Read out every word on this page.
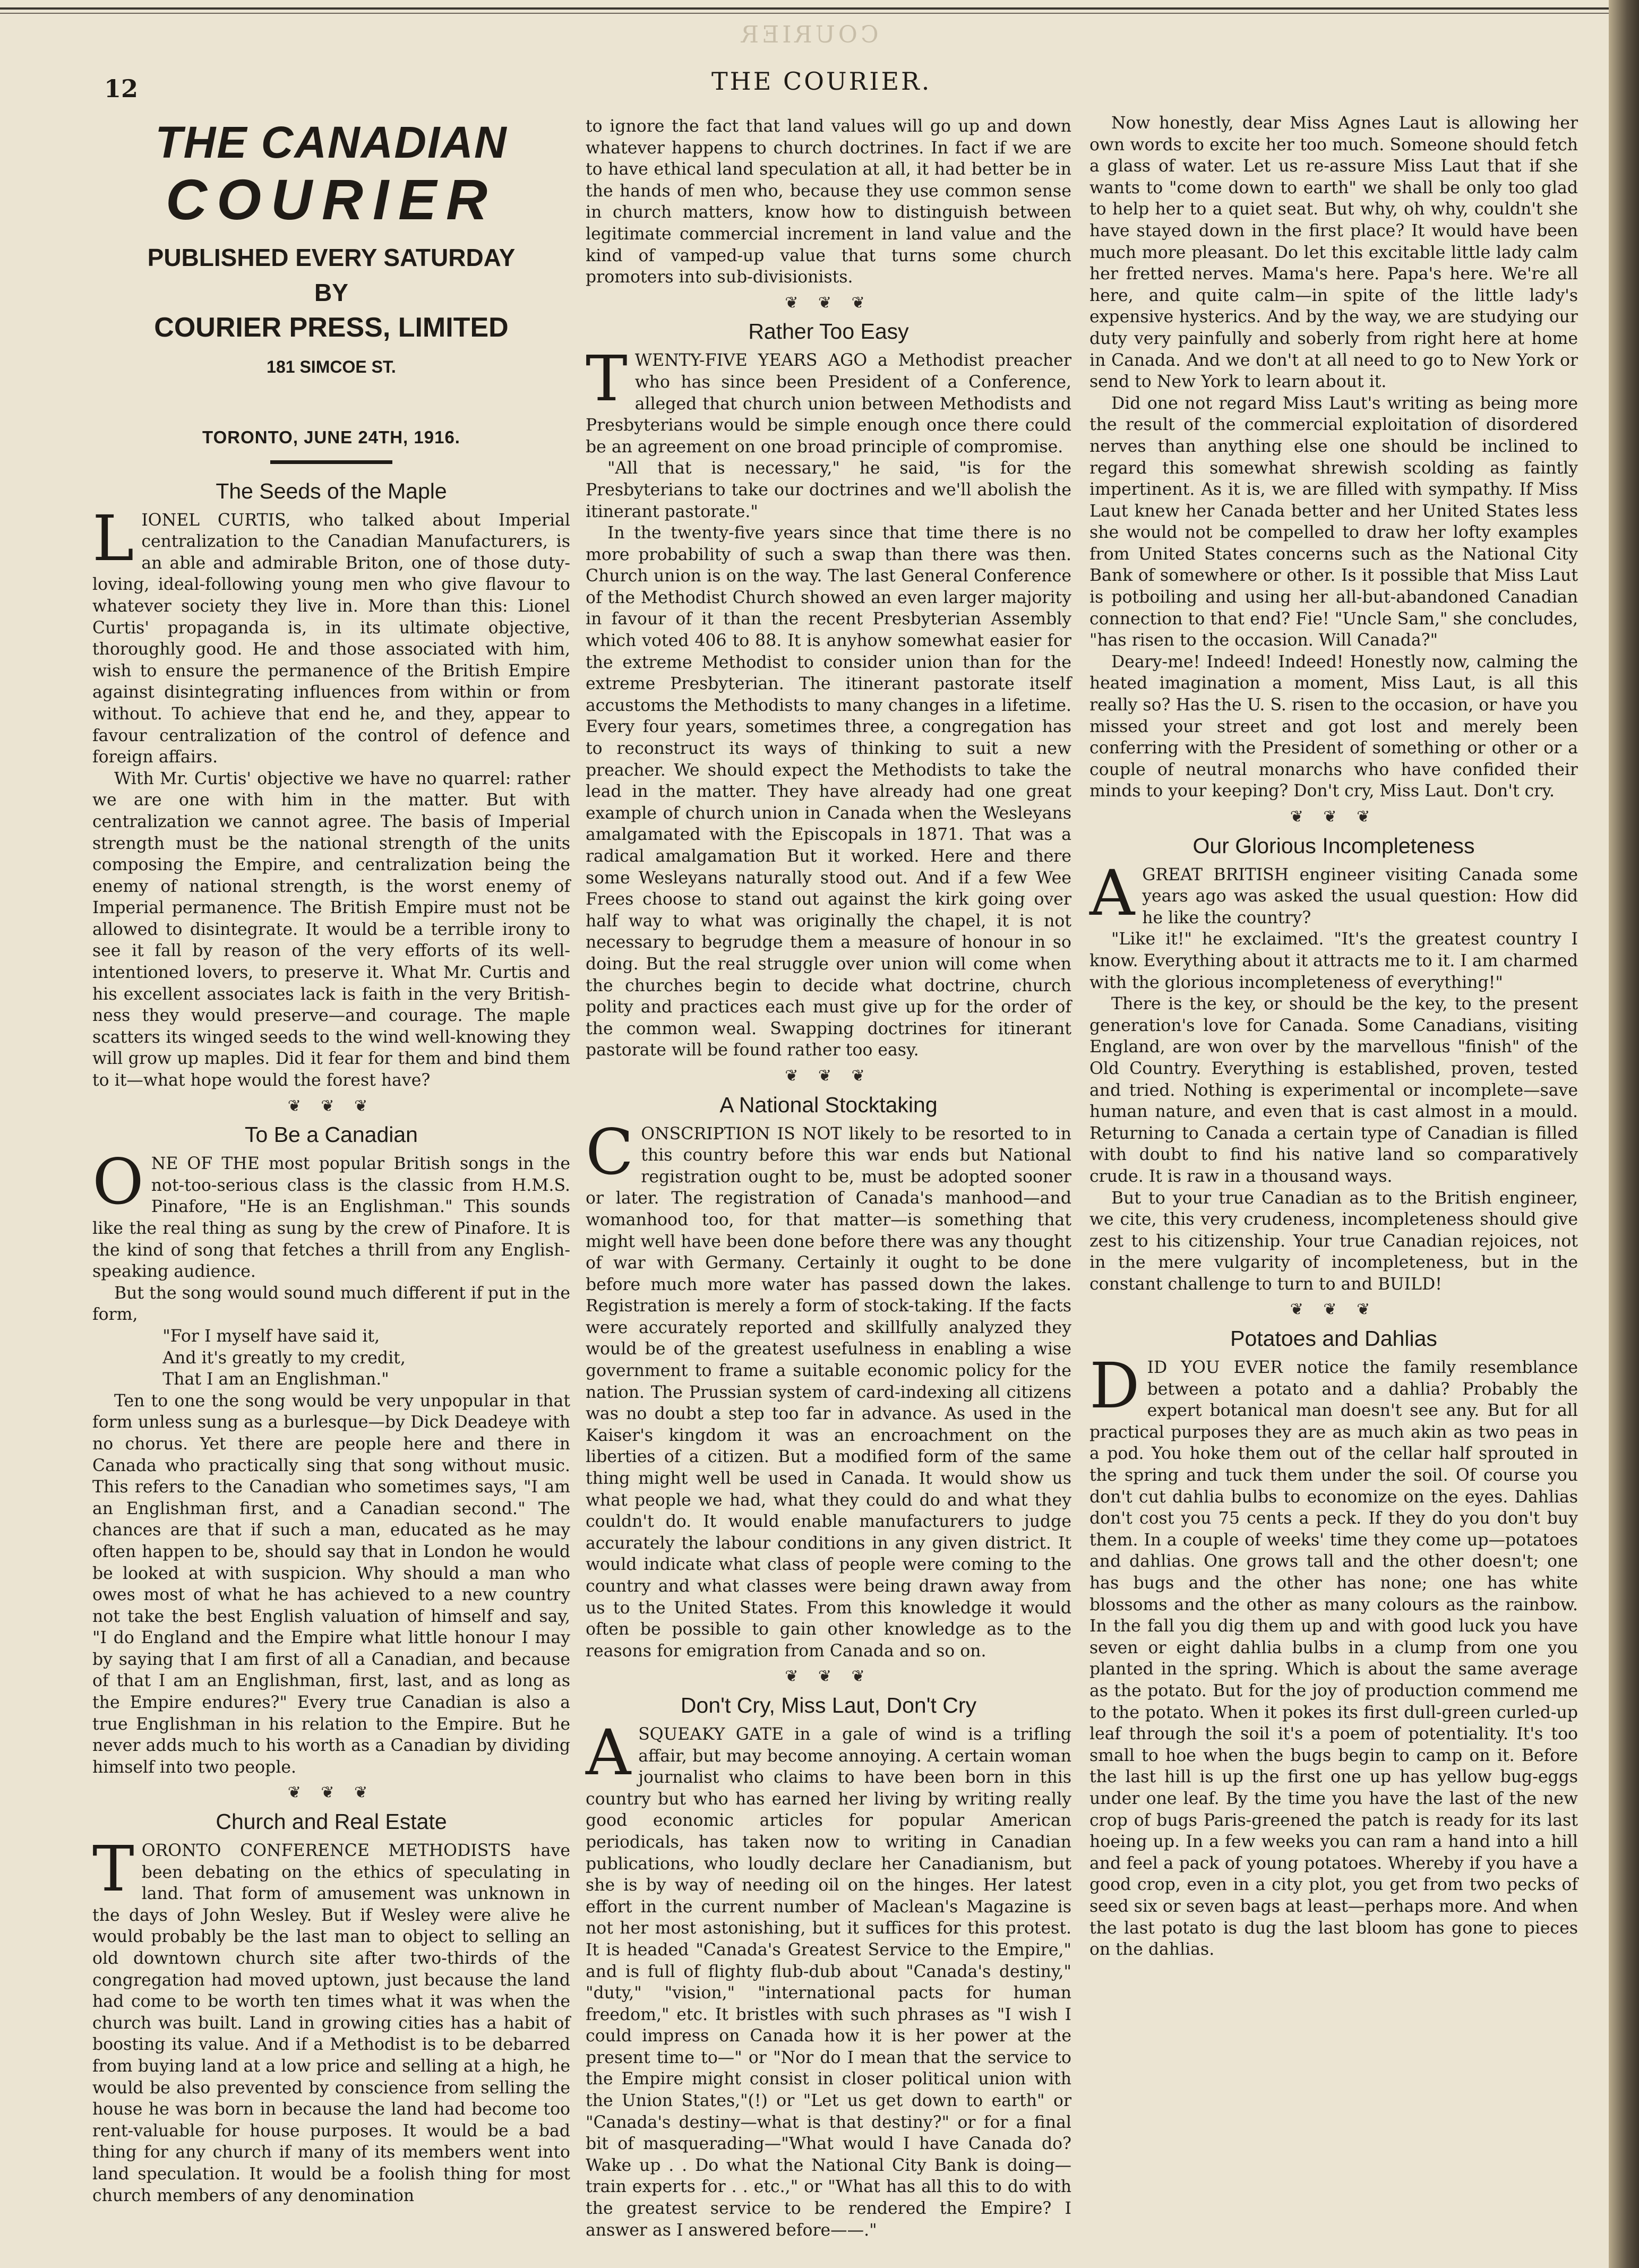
COURIER
12	THE COURIER.
THE CANADIAN
COURIER
PUBLISHED EVERY SATURDAY
BY
COURIER PRESS, LIMITED
181 SIMCOE ST.
TORONTO, JUNE 24TH, 1916.
The Seeds of the Maple

LIONEL CURTIS, who talked about Imperial centralization to the Canadian Manufacturers, is an able and admirable Briton, one of those duty-loving, ideal-following young men who give flavour to whatever society they live in. More than this: Lionel Curtis' propaganda is, in its ultimate objective, thoroughly good. He and those associated with him, wish to ensure the permanence of the British Empire against disintegrating influences from within or from without. To achieve that end he, and they, appear to favour centralization of the control of defence and foreign affairs.

With Mr. Curtis' objective we have no quarrel: rather we are one with him in the matter. But with centralization we cannot agree. The basis of Imperial strength must be the national strength of the units composing the Empire, and centralization being the enemy of national strength, is the worst enemy of Imperial permanence. The British Empire must not be allowed to disintegrate. It would be a terrible irony to see it fall by reason of the very efforts of its well-intentioned lovers, to preserve it. What Mr. Curtis and his excellent associates lack is faith in the very British-ness they would preserve—and courage. The maple scatters its winged seeds to the wind well-knowing they will grow up maples. Did it fear for them and bind them to it—what hope would the forest have?

❦ ❦ ❦
To Be a Canadian

ONE OF THE most popular British songs in the not-too-serious class is the classic from H.M.S. Pinafore, "He is an Englishman." This sounds like the real thing as sung by the crew of Pinafore. It is the kind of song that fetches a thrill from any English-speaking audience.

But the song would sound much different if put in the form,

"For I myself have said it,

And it's greatly to my credit,

That I am an Englishman."

Ten to one the song would be very unpopular in that form unless sung as a burlesque—by Dick Deadeye with no chorus. Yet there are people here and there in Canada who practically sing that song without music. This refers to the Canadian who sometimes says, "I am an Englishman first, and a Canadian second." The chances are that if such a man, educated as he may often happen to be, should say that in London he would be looked at with suspicion. Why should a man who owes most of what he has achieved to a new country not take the best English valuation of himself and say, "I do England and the Empire what little honour I may by saying that I am first of all a Canadian, and because of that I am an Englishman, first, last, and as long as the Empire endures?" Every true Canadian is also a true Englishman in his relation to the Empire. But he never adds much to his worth as a Canadian by dividing himself into two people.

❦ ❦ ❦
Church and Real Estate

TORONTO CONFERENCE METHODISTS have been debating on the ethics of speculating in land. That form of amusement was unknown in the days of John Wesley. But if Wesley were alive he would probably be the last man to object to selling an old downtown church site after two-thirds of the congregation had moved uptown, just because the land had come to be worth ten times what it was when the church was built. Land in growing cities has a habit of boosting its value. And if a Methodist is to be debarred from buying land at a low price and selling at a high, he would be also prevented by conscience from selling the house he was born in because the land had become too rent-valuable for house purposes. It would be a bad thing for any church if many of its members went into land speculation. It would be a foolish thing for most church members of any denomination

to ignore the fact that land values will go up and down whatever happens to church doctrines. In fact if we are to have ethical land speculation at all, it had better be in the hands of men who, because they use common sense in church matters, know how to distinguish between legitimate commercial increment in land value and the kind of vamped-up value that turns some church promoters into sub-divisionists.

❦ ❦ ❦
Rather Too Easy

TWENTY-FIVE YEARS AGO a Methodist preacher who has since been President of a Conference, alleged that church union between Methodists and Presbyterians would be simple enough once there could be an agreement on one broad principle of compromise.

"All that is necessary," he said, "is for the Presbyterians to take our doctrines and we'll abolish the itinerant pastorate."

In the twenty-five years since that time there is no more probability of such a swap than there was then. Church union is on the way. The last General Conference of the Methodist Church showed an even larger majority in favour of it than the recent Presbyterian Assembly which voted 406 to 88. It is anyhow somewhat easier for the extreme Methodist to consider union than for the extreme Presbyterian. The itinerant pastorate itself accustoms the Methodists to many changes in a lifetime. Every four years, sometimes three, a congregation has to reconstruct its ways of thinking to suit a new preacher. We should expect the Methodists to take the lead in the matter. They have already had one great example of church union in Canada when the Wesleyans amalgamated with the Episcopals in 1871. That was a radical amalgamation But it worked. Here and there some Wesleyans naturally stood out. And if a few Wee Frees choose to stand out against the kirk going over half way to what was originally the chapel, it is not necessary to begrudge them a measure of honour in so doing. But the real struggle over union will come when the churches begin to decide what doctrine, church polity and practices each must give up for the order of the common weal. Swapping doctrines for itinerant pastorate will be found rather too easy.

❦ ❦ ❦
A National Stocktaking

CONSCRIPTION IS NOT likely to be resorted to in this country before this war ends but National registration ought to be, must be adopted sooner or later. The registration of Canada's manhood—and womanhood too, for that matter—is something that might well have been done before there was any thought of war with Germany. Certainly it ought to be done before much more water has passed down the lakes. Registration is merely a form of stock-taking. If the facts were accurately reported and skillfully analyzed they would be of the greatest usefulness in enabling a wise government to frame a suitable economic policy for the nation. The Prussian system of card-indexing all citizens was no doubt a step too far in advance. As used in the Kaiser's kingdom it was an encroachment on the liberties of a citizen. But a modified form of the same thing might well be used in Canada. It would show us what people we had, what they could do and what they couldn't do. It would enable manufacturers to judge accurately the labour conditions in any given district. It would indicate what class of people were coming to the country and what classes were being drawn away from us to the United States. From this knowledge it would often be possible to gain other knowledge as to the reasons for emigration from Canada and so on.

❦ ❦ ❦
Don't Cry, Miss Laut, Don't Cry

ASQUEAKY GATE in a gale of wind is a trifling affair, but may become annoying. A certain woman journalist who claims to have been born in this country but who has earned her living by writing really good economic articles for popular American periodicals, has taken now to writing in Canadian publications, who loudly declare her Canadianism, but she is by way of needing oil on the hinges. Her latest effort in the current number of Maclean's Magazine is not her most astonishing, but it suffices for this protest. It is headed "Canada's Greatest Service to the Empire," and is full of flighty flub-dub about "Canada's destiny," "duty," "vision," "international pacts for human freedom," etc. It bristles with such phrases as "I wish I could impress on Canada how it is her power at the present time to—" or "Nor do I mean that the service to the Empire might consist in closer political union with the Union States,"(!) or "Let us get down to earth" or "Canada's destiny—what is that destiny?" or for a final bit of masquerading—"What would I have Canada do? Wake up . . Do what the National City Bank is doing—train experts for . . etc.," or "What has all this to do with the greatest service to be rendered the Empire? I answer as I answered before——."

Now honestly, dear Miss Agnes Laut is allowing her own words to excite her too much. Someone should fetch a glass of water. Let us re-assure Miss Laut that if she wants to "come down to earth" we shall be only too glad to help her to a quiet seat. But why, oh why, couldn't she have stayed down in the first place? It would have been much more pleasant. Do let this excitable little lady calm her fretted nerves. Mama's here. Papa's here. We're all here, and quite calm—in spite of the little lady's expensive hysterics. And by the way, we are studying our duty very painfully and soberly from right here at home in Canada. And we don't at all need to go to New York or send to New York to learn about it.

Did one not regard Miss Laut's writing as being more the result of the commercial exploitation of disordered nerves than anything else one should be inclined to regard this somewhat shrewish scolding as faintly impertinent. As it is, we are filled with sympathy. If Miss Laut knew her Canada better and her United States less she would not be compelled to draw her lofty examples from United States concerns such as the National City Bank of somewhere or other. Is it possible that Miss Laut is potboiling and using her all-but-abandoned Canadian connection to that end? Fie! "Uncle Sam," she concludes, "has risen to the occasion. Will Canada?"

Deary-me! Indeed! Indeed! Honestly now, calming the heated imagination a moment, Miss Laut, is all this really so? Has the U. S. risen to the occasion, or have you missed your street and got lost and merely been conferring with the President of something or other or a couple of neutral monarchs who have confided their minds to your keeping? Don't cry, Miss Laut. Don't cry.

❦ ❦ ❦
Our Glorious Incompleteness

AGREAT BRITISH engineer visiting Canada some years ago was asked the usual question: How did he like the country?

"Like it!" he exclaimed. "It's the greatest country I know. Everything about it attracts me to it. I am charmed with the glorious incompleteness of everything!"

There is the key, or should be the key, to the present generation's love for Canada. Some Canadians, visiting England, are won over by the marvellous "finish" of the Old Country. Everything is established, proven, tested and tried. Nothing is experimental or incomplete—save human nature, and even that is cast almost in a mould. Returning to Canada a certain type of Canadian is filled with doubt to find his native land so comparatively crude. It is raw in a thousand ways.

But to your true Canadian as to the British engineer, we cite, this very crudeness, incompleteness should give zest to his citizenship. Your true Canadian rejoices, not in the mere vulgarity of incompleteness, but in the constant challenge to turn to and BUILD!

❦ ❦ ❦
Potatoes and Dahlias

DID YOU EVER notice the family resemblance between a potato and a dahlia? Probably the expert botanical man doesn't see any. But for all practical purposes they are as much akin as two peas in a pod. You hoke them out of the cellar half sprouted in the spring and tuck them under the soil. Of course you don't cut dahlia bulbs to economize on the eyes. Dahlias don't cost you 75 cents a peck. If they do you don't buy them. In a couple of weeks' time they come up—potatoes and dahlias. One grows tall and the other doesn't; one has bugs and the other has none; one has white blossoms and the other as many colours as the rainbow. In the fall you dig them up and with good luck you have seven or eight dahlia bulbs in a clump from one you planted in the spring. Which is about the same average as the potato. But for the joy of production commend me to the potato. When it pokes its first dull-green curled-up leaf through the soil it's a poem of potentiality. It's too small to hoe when the bugs begin to camp on it. Before the last hill is up the first one up has yellow bug-eggs under one leaf. By the time you have the last of the new crop of bugs Paris-greened the patch is ready for its last hoeing up. In a few weeks you can ram a hand into a hill and feel a pack of young potatoes. Whereby if you have a good crop, even in a city plot, you get from two pecks of seed six or seven bags at least—perhaps more. And when the last potato is dug the last bloom has gone to pieces on the dahlias.
